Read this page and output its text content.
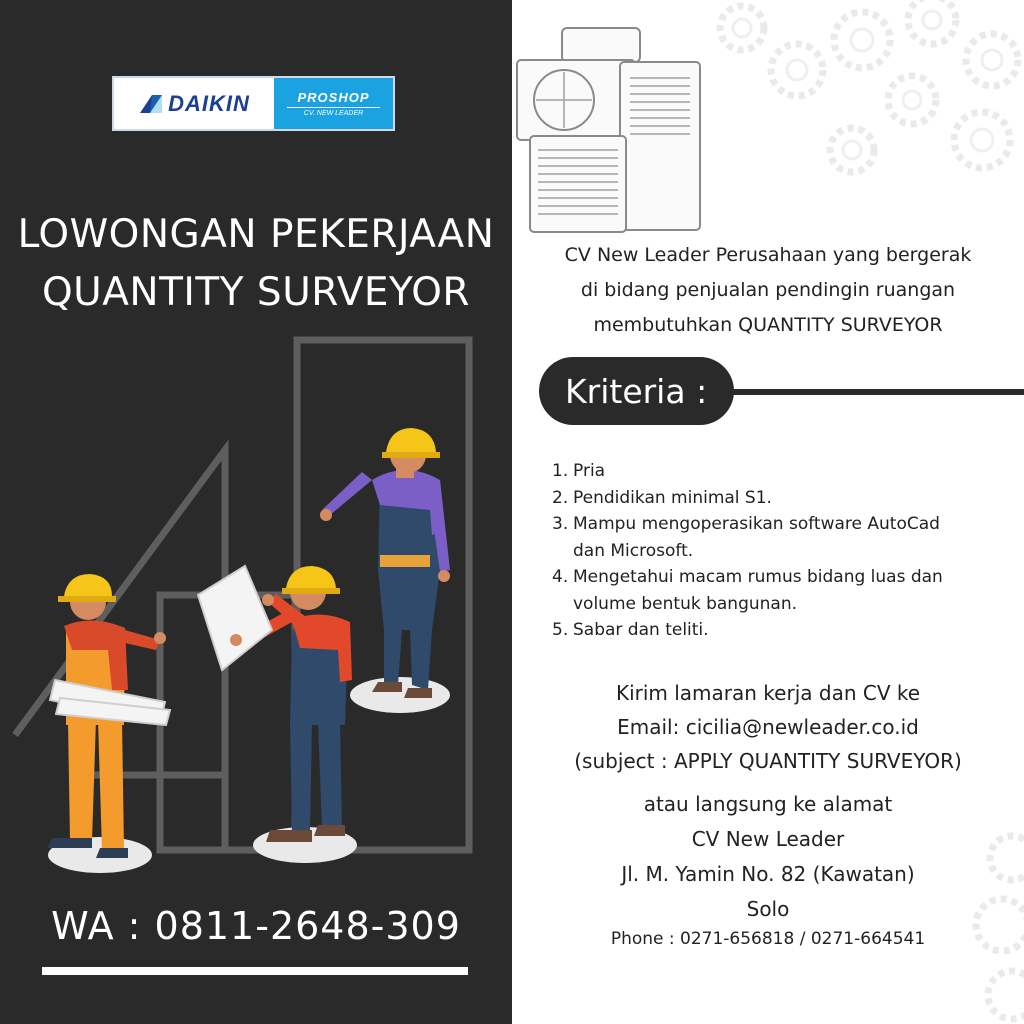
DAIKIN	PROSHOP
CV. NEW LEADER
LOWONGAN PEKERJAAN
QUANTITY SURVEYOR
WA : 0811-2648-309
CV New Leader Perusahaan yang bergerak
di bidang penjualan pendingin ruangan
membutuhkan QUANTITY SURVEYOR
Kriteria :
1. Pria
2. Pendidikan minimal S1.
3. Mampu mengoperasikan software AutoCad
dan Microsoft.
4. Mengetahui macam rumus bidang luas dan
volume bentuk bangunan.
5. Sabar dan teliti.
Kirim lamaran kerja dan CV ke
Email: cicilia@newleader.co.id
(subject : APPLY QUANTITY SURVEYOR)
atau langsung ke alamat
CV New Leader
Jl. M. Yamin No. 82 (Kawatan)
Solo
Phone : 0271-656818 / 0271-664541
